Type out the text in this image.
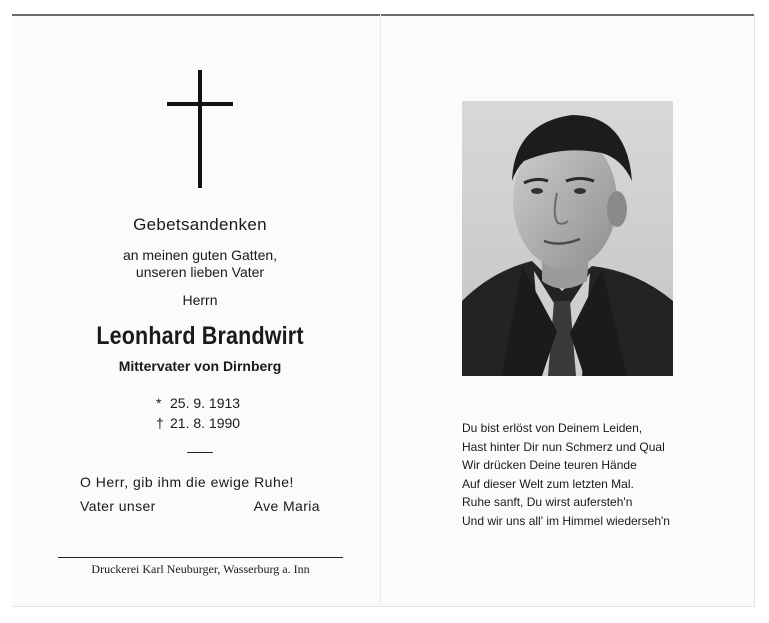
Gebetsandenken
an meinen guten Gatten,
unseren lieben Vater
Herrn
Leonhard Brandwirt
Mittervater von Dirnberg
* 25. 9. 1913
† 21. 8. 1990
O Herr, gib ihm die ewige Ruhe!
Vater unser	Ave Maria
Druckerei Karl Neuburger, Wasserburg a. Inn
Du bist erlöst von Deinem Leiden,
Hast hinter Dir nun Schmerz und Qual
Wir drücken Deine teuren Hände
Auf dieser Welt zum letzten Mal.
Ruhe sanft, Du wirst aufersteh'n
Und wir uns all' im Himmel wiederseh'n
